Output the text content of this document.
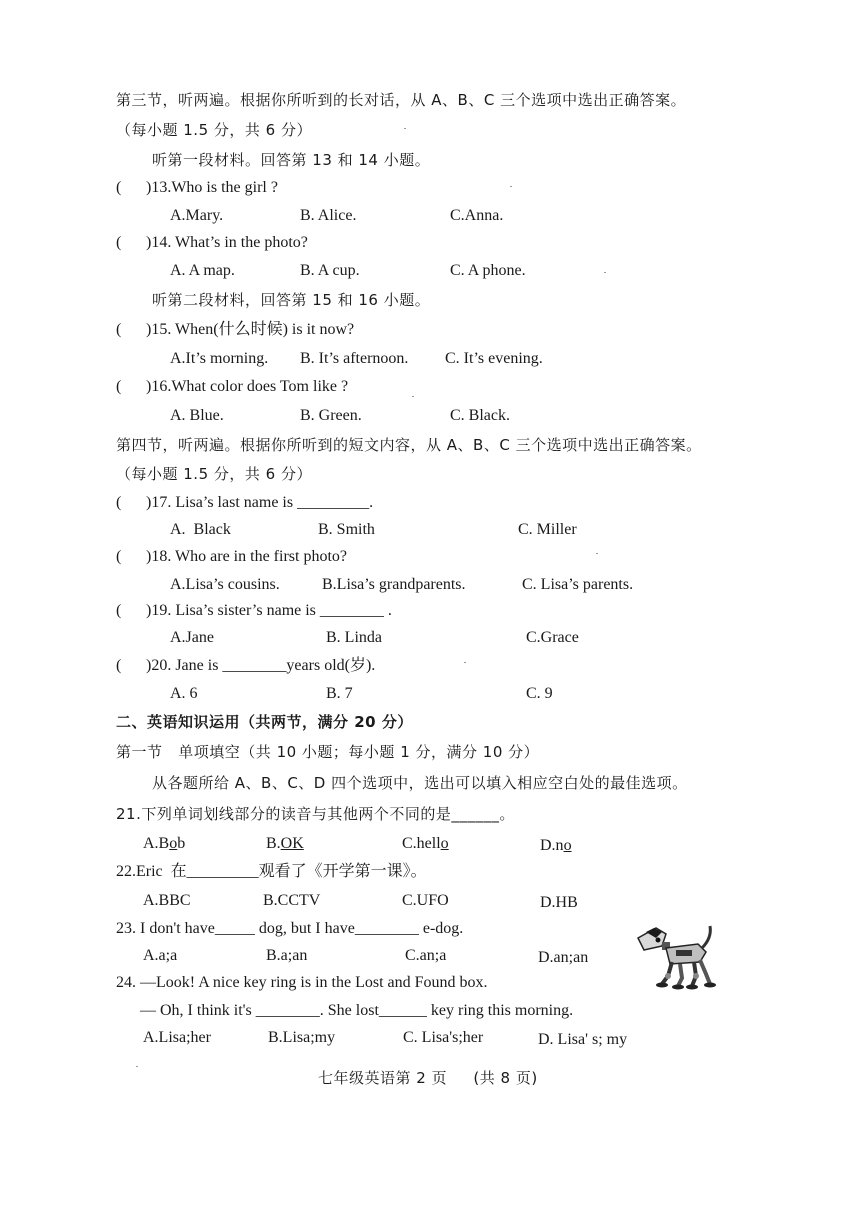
第三节，听两遍。根据你所听到的长对话，从 A、B、C 三个选项中选出正确答案。
（每小题 1.5 分，共 6 分）
听第一段材料。回答第 13 和 14 小题。
( )13.Who is the girl ?
A.Mary.	B. Alice.	C.Anna.
( )14. What’s in the photo?
A. A map.	B. A cup.	C. A phone.
听第二段材料，回答第 15 和 16 小题。
( )15. When(什么时候) is it now?
A.It’s morning. B. It’s afternoon. C. It’s evening.
( )16.What color does Tom like ?
A. Blue.	B. Green.	C. Black.
第四节，听两遍。根据你所听到的短文内容，从 A、B、C 三个选项中选出正确答案。
（每小题 1.5 分，共 6 分）
( )17. Lisa’s last name is _________.
A.  Black	B. Smith	C. Miller
( )18. Who are in the first photo?
A.Lisa’s cousins.	B.Lisa’s grandparents.	C. Lisa’s parents.
( )19. Lisa’s sister’s name is ________ .
A.Jane	B. Linda	C.Grace
( )20. Jane is ________years old(岁).
A. 6	B. 7	C. 9
二、英语知识运用（共两节，满分 20 分）
第一节   单项填空（共 10 小题；每小题 1 分，满分 10 分）
从各题所给 A、B、C、D 四个选项中，选出可以填入相应空白处的最佳选项。
21.下列单词划线部分的读音与其他两个不同的是______。
A.Bob	B.OK	C.hello	D.no
22.Eric  在_________观看了《开学第一课》。
A.BBC	B.CCTV	C.UFO	D.HB
23. I don't have_____ dog, but I have________ e-dog.
A.a;a	B.a;an	C.an;a	D.an;an
24. —Look! A nice key ring is in the Lost and Found box.
— Oh, I think it's ________. She lost______ key ring this morning.
A.Lisa;her	B.Lisa;my	C. Lisa's;her	D. Lisa' s; my
七年级英语第 2 页     (共 8 页)
